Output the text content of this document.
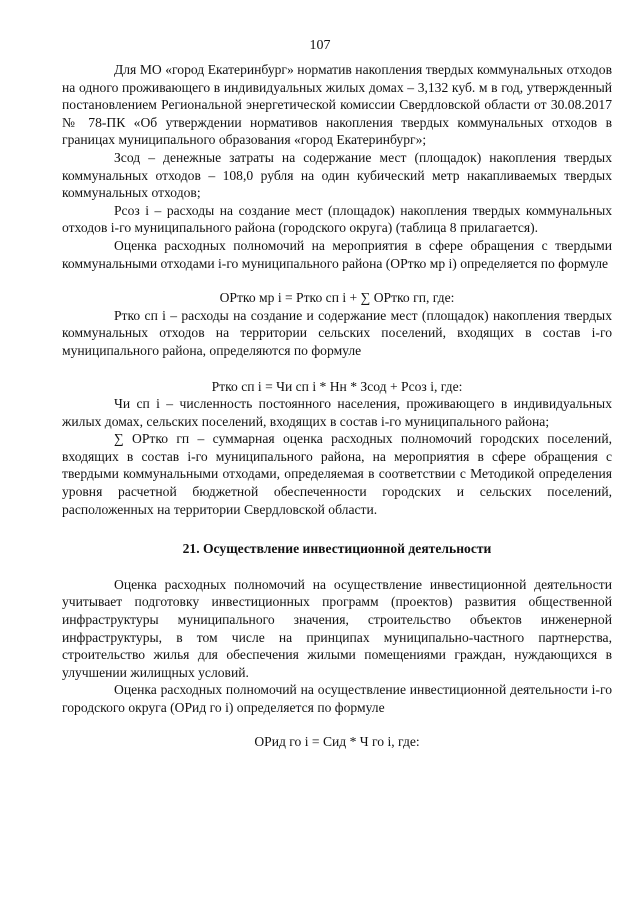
107

Для МО «город Екатеринбург» норматив накопления твердых коммунальных отходов на одного проживающего в индивидуальных жилых домах – 3,132 куб. м в год, утвержденный постановлением Региональной энергетической комиссии Свердловской области от 30.08.2017 № 78-ПК «Об утверждении нормативов накопления твердых коммунальных отходов в границах муниципального образования «город Екатеринбург»;

Зсод – денежные затраты на содержание мест (площадок) накопления твердых коммунальных отходов – 108,0 рубля на один кубический метр накапливаемых твердых коммунальных отходов;

Рсоз i – расходы на создание мест (площадок) накопления твердых коммунальных отходов i-го муниципального района (городского округа) (таблица 8 прилагается).

Оценка расходных полномочий на мероприятия в сфере обращения с твердыми коммунальными отходами i-го муниципального района (ОРтко мр i) определяется по формуле

ОРтко мр i = Ртко сп i + ∑ ОРтко гп, где:

Ртко сп i – расходы на создание и содержание мест (площадок) накопления твердых коммунальных отходов на территории сельских поселений, входящих в состав i-го муниципального района, определяются по формуле

Ртко сп i = Чи сп i * Нн * Зсод + Рсоз i, где:

Чи сп i – численность постоянного населения, проживающего в индивидуальных жилых домах, сельских поселений, входящих в состав i-го муниципального района;

∑ ОРтко гп – суммарная оценка расходных полномочий городских поселений, входящих в состав i-го муниципального района, на мероприятия в сфере обращения с твердыми коммунальными отходами, определяемая в соответствии с Методикой определения уровня расчетной бюджетной обеспеченности городских и сельских поселений, расположенных на территории Свердловской области.

21. Осуществление инвестиционной деятельности

Оценка расходных полномочий на осуществление инвестиционной деятельности учитывает подготовку инвестиционных программ (проектов) развития общественной инфраструктуры муниципального значения, строительство объектов инженерной инфраструктуры, в том числе на принципах муниципально-частного партнерства, строительство жилья для обеспечения жилыми помещениями граждан, нуждающихся в улучшении жилищных условий.

Оценка расходных полномочий на осуществление инвестиционной деятельности i-го городского округа (ОРид го i) определяется по формуле

ОРид го i = Сид * Ч го i, где:
